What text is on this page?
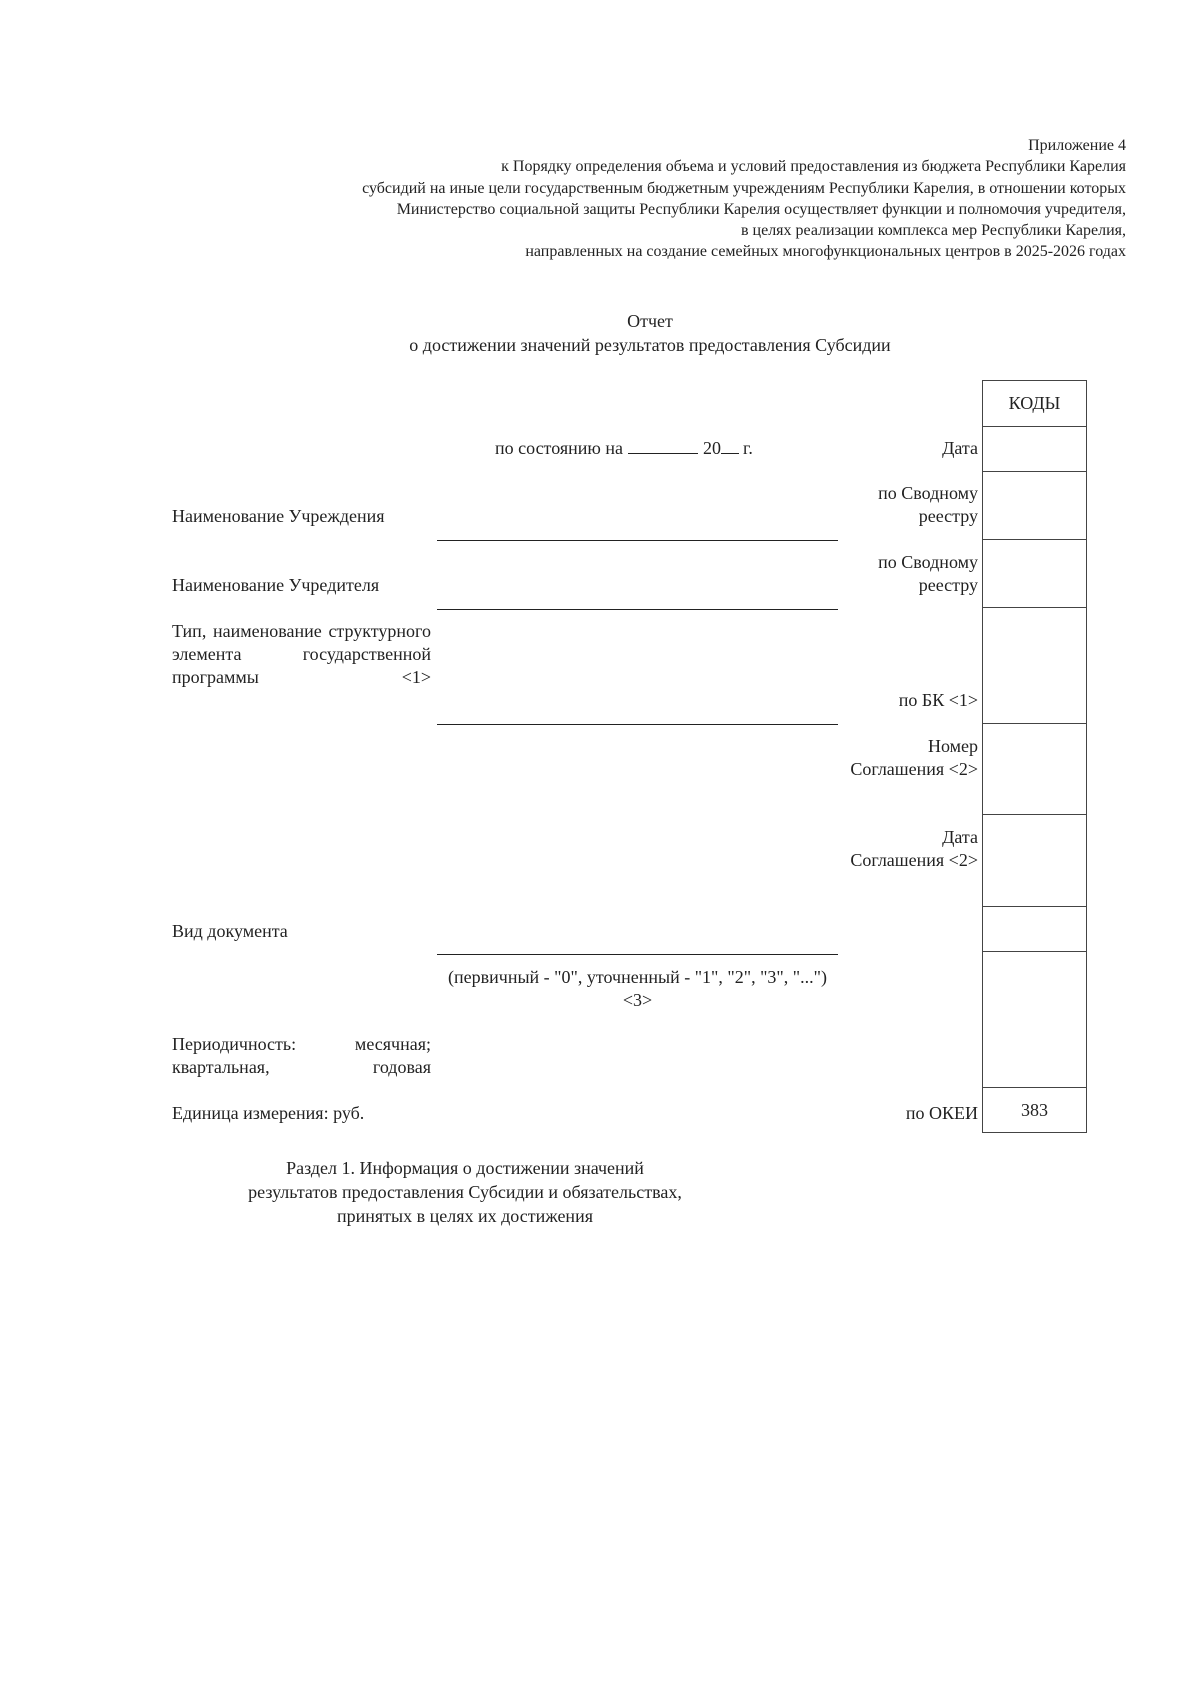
Приложение 4
к Порядку определения объема и условий предоставления из бюджета Республики Карелия
субсидий на иные цели государственным бюджетным учреждениям Республики Карелия, в отношении которых
Министерство социальной защиты Республики Карелия осуществляет функции и полномочия учредителя,
в целях реализации комплекса мер Республики Карелия,
направленных на создание семейных многофункциональных центров в 2025-2026 годах
Отчет
о достижении значений результатов предоставления Субсидии
по состоянию на	20 г.
Наименование Учреждения
Наименование Учредителя
Тип, наименование структурного элемента государственной программы <1>
Вид документа
(первичный - "0", уточненный - "1", "2", "3", "...") <3>
Периодичность: месячная; квартальная, годовая
Единица измерения: руб.
Дата
по Сводному реестру
по Сводному реестру
по БК <1>
Номер Соглашения <2>
Дата Соглашения <2>
по ОКЕИ
КОДЫ
383
Раздел 1. Информация о достижении значений
результатов предоставления Субсидии и обязательствах,
принятых в целях их достижения
